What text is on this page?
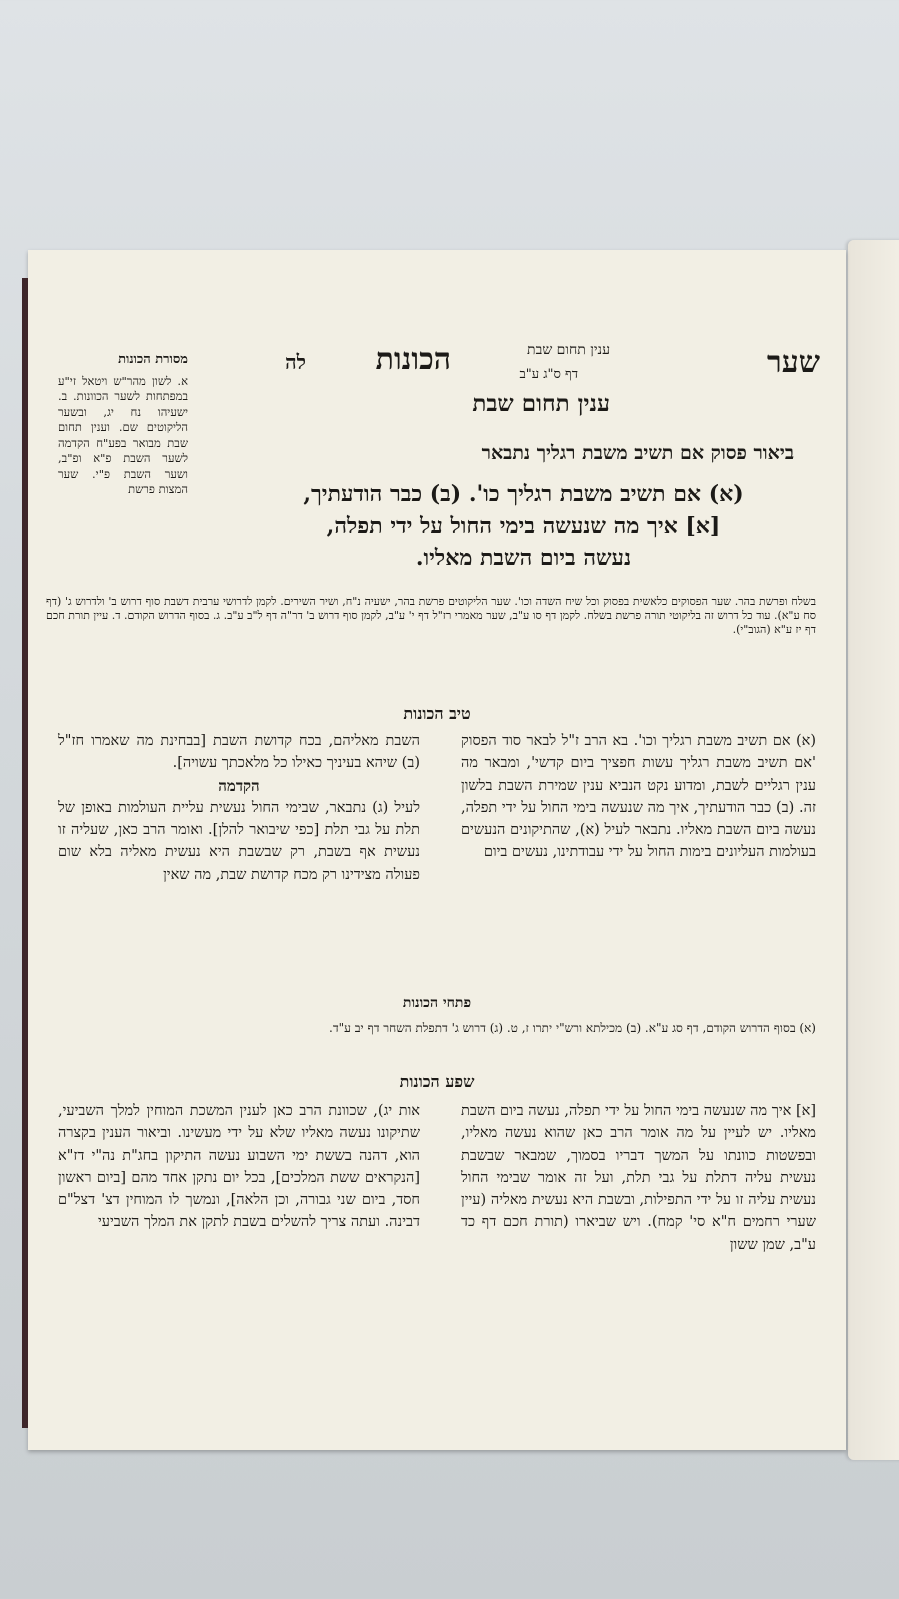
שער
ענין תחום שבת
דף ס"ג ע"ב
הכונות
לה
ענין תחום שבת
מסורת הכונות
א. לשון מהר"ש ויטאל זי"ע במפתחות לשער הכוונות. ב. ישעיהו נח יג, ובשער הליקוטים שם. וענין תחום שבת מבואר בפע"ח הקדמה לשער השבת פ"א ופ"ב, ושער השבת פ"י. שער המצות פרשת
ביאור פסוק אם תשיב משבת רגליך נתבאר
(א) אם תשיב משבת רגליך כו'. (ב) כבר הודעתיך,
[א] איך מה שנעשה בימי החול על ידי תפלה,
נעשה ביום השבת מאליו.
בשלח ופרשת בהר. שער הפסוקים כלאשית בפסוק וכל שיח השדה וכו'. שער הליקוטים פרשת בהר, ישעיה נ"ח, ושיר השירים. לקמן לדרושי ערבית דשבת סוף דרוש ב' ולדרוש ג' (דף סח ע"א). עוד כל דרוש זה בליקוטי תורה פרשת בשלח. לקמן דף סו ע"ב, שער מאמרי רז"ל דף י' ע"ב, לקמן סוף דרוש ב' דר"ה דף ל"ב ע"ב. ג. בסוף הדרוש הקודם. ד. עיין תורת חכם דף יז ע"א (הגוב"י).
טיב הכונות
(א) אם תשיב משבת רגליך וכו'. בא הרב ז"ל לבאר סוד הפסוק 'אם תשיב משבת רגליך עשות חפציך ביום קדשי', ומבאר מה ענין רגליים לשבת, ומדוע נקט הנביא ענין שמירת השבת בלשון זה. (ב) כבר הודעתיך, איך מה שנעשה בימי החול על ידי תפלה, נעשה ביום השבת מאליו. נתבאר לעיל (א), שהתיקונים הנעשים בעולמות העליונים בימות החול על ידי עבודתינו, נעשים ביום
השבת מאליהם, בכח קדושת השבת [בבחינת מה שאמרו חז"ל (ב) שיהא בעיניך כאילו כל מלאכתך עשויה].
הקדמה
לעיל (ג) נתבאר, שבימי החול נעשית עליית העולמות באופן של תלת על גבי תלת [כפי שיבואר להלן]. ואומר הרב כאן, שעליה זו נעשית אף בשבת, רק שבשבת היא נעשית מאליה בלא שום פעולה מצידינו רק מכח קדושת שבת, מה שאין
פתחי הכונות
(א) בסוף הדרוש הקודם, דף סג ע"א. (ב) מכילתא ורש"י יתרו ז, ט. (ג) דרוש ג' דתפלת השחר דף יב ע"ד.
שפע הכונות
[א] איך מה שנעשה בימי החול על ידי תפלה, נעשה ביום השבת מאליו. יש לעיין על מה אומר הרב כאן שהוא נעשה מאליו, ובפשטות כוונתו על המשך דבריו בסמוך, שמבאר שבשבת נעשית עליה דתלת על גבי תלת, ועל זה אומר שבימי החול נעשית עליה זו על ידי התפילות, ובשבת היא נעשית מאליה (עיין שערי רחמים ח"א סי' קמח). ויש שביארו (תורת חכם דף כד ע"ב, שמן ששון
אות יג), שכוונת הרב כאן לענין המשכת המוחין למלך השביעי, שתיקונו נעשה מאליו שלא על ידי מעשינו. וביאור הענין בקצרה הוא, דהנה בששת ימי השבוע נעשה התיקון בחג"ת נה"י דז"א [הנקראים ששת המלכים], בכל יום נתקן אחד מהם [ביום ראשון חסד, ביום שני גבורה, וכן הלאה], ונמשך לו המוחין דצ' דצל"ם דבינה. ועתה צריך להשלים בשבת לתקן את המלך השביעי
